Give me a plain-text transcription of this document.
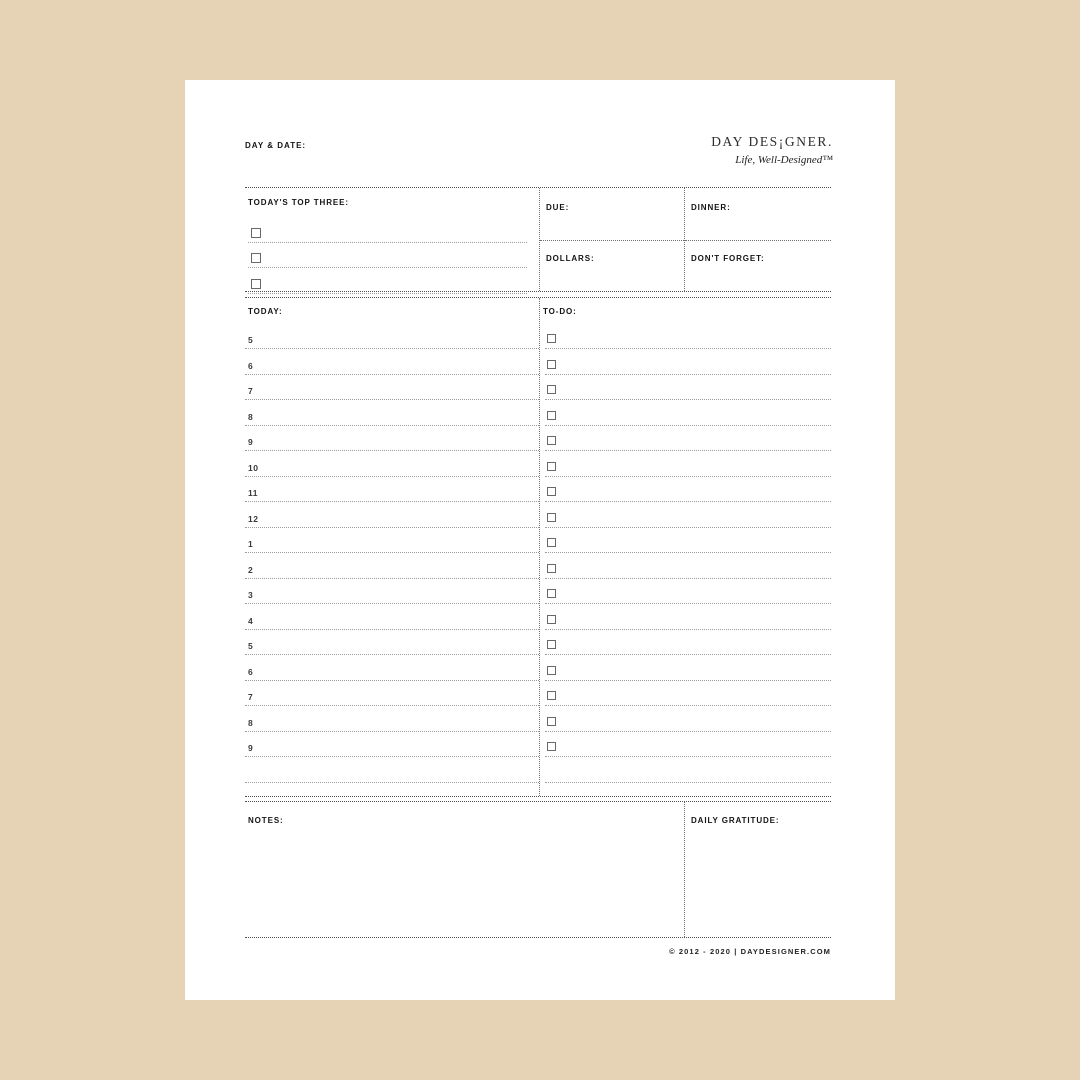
DAY & DATE:	DAY DES¡GNER.
Life, Well-Designed™
TODAY'S TOP THREE:
DUE:
DOLLARS:
DINNER:
DON'T FORGET:
TODAY:
5
6
7
8
9
10
11
12
1
2
3
4
5
6
7
8
9
TO-DO:
NOTES:	DAILY GRATITUDE:
© 2012 - 2020 | DAYDESIGNER.COM
